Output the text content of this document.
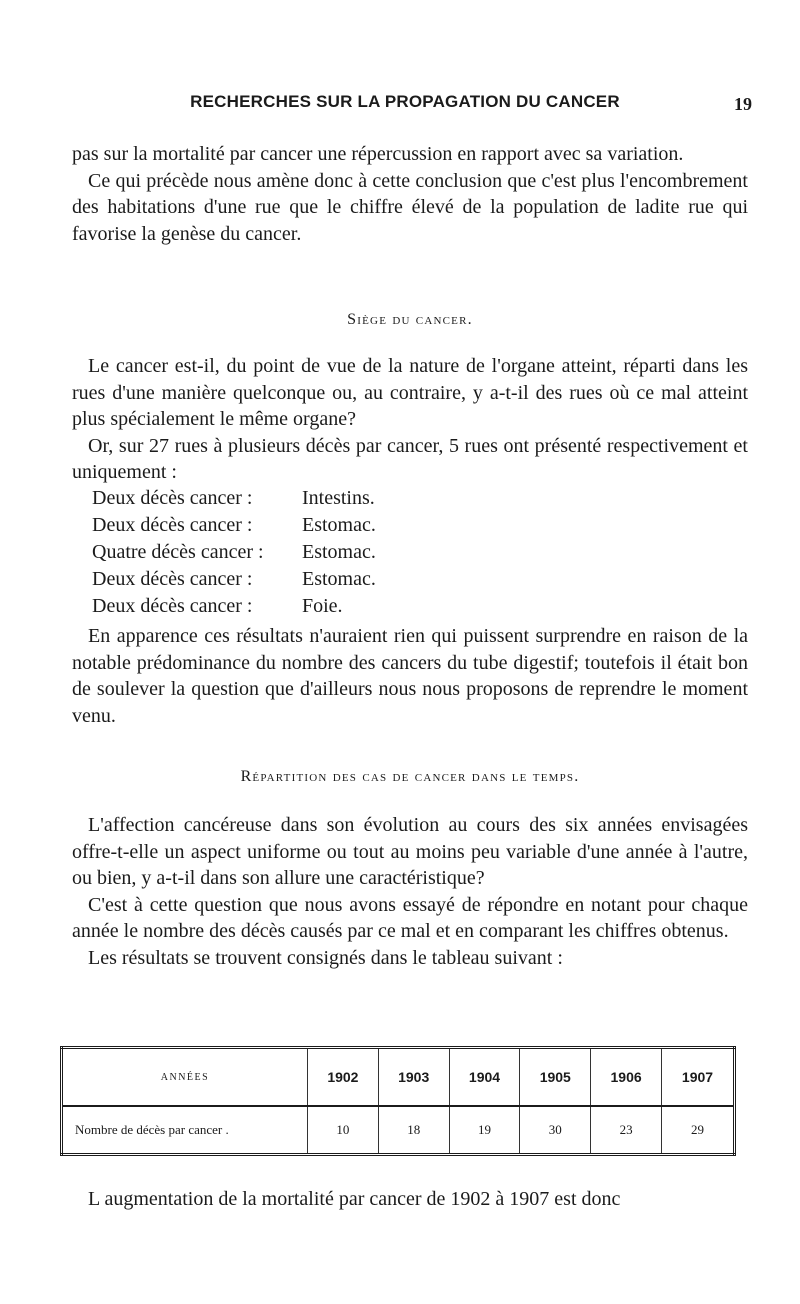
RECHERCHES SUR LA PROPAGATION DU CANCER	19

pas sur la mortalité par cancer une répercussion en rapport avec sa variation.

Ce qui précède nous amène donc à cette conclusion que c'est plus l'encombrement des habitations d'une rue que le chiffre élevé de la population de ladite rue qui favorise la genèse du cancer.

Siège du cancer.

Le cancer est-il, du point de vue de la nature de l'organe atteint, réparti dans les rues d'une manière quelconque ou, au contraire, y a-t-il des rues où ce mal atteint plus spécialement le même organe?

Or, sur 27 rues à plusieurs décès par cancer, 5 rues ont présenté respectivement et uniquement :

Deux décès cancer :	Intestins.
Deux décès cancer :	Estomac.
Quatre décès cancer :	Estomac.
Deux décès cancer :	Estomac.
Deux décès cancer :	Foie.

En apparence ces résultats n'auraient rien qui puissent surprendre en raison de la notable prédominance du nombre des cancers du tube digestif; toutefois il était bon de soulever la question que d'ailleurs nous nous proposons de reprendre le moment venu.

Répartition des cas de cancer dans le temps.

L'affection cancéreuse dans son évolution au cours des six années envisagées offre-t-elle un aspect uniforme ou tout au moins peu variable d'une année à l'autre, ou bien, y a-t-il dans son allure une caractéristique?

C'est à cette question que nous avons essayé de répondre en notant pour chaque année le nombre des décès causés par ce mal et en comparant les chiffres obtenus.

Les résultats se trouvent consignés dans le tableau suivant :

ANNÉES	1902	1903	1904	1905	1906	1907
Nombre de décès par cancer .	10	18	19	30	23	29

L augmentation de la mortalité par cancer de 1902 à 1907 est donc
